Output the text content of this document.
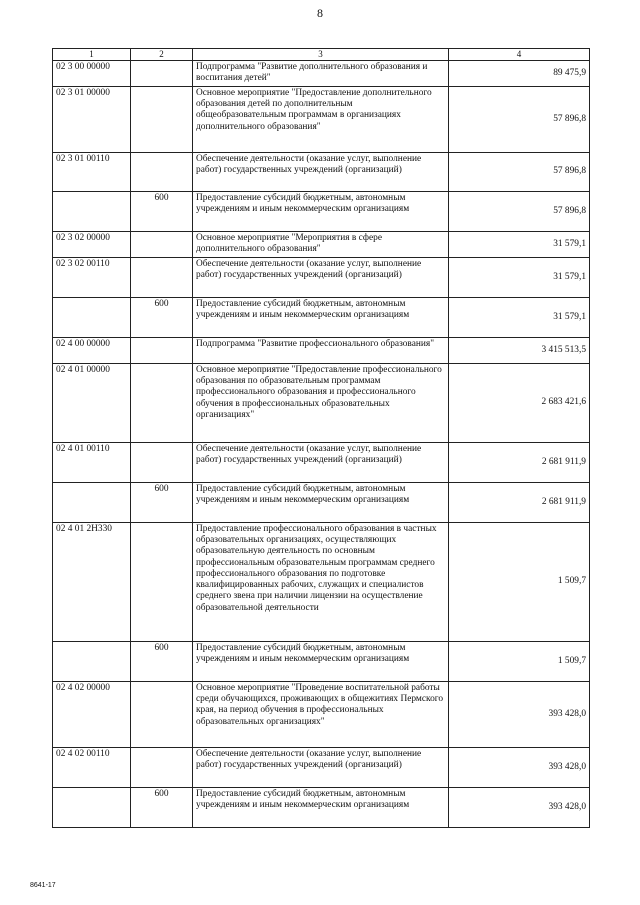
8
1	2	3	4
02 3 00 00000		Подпрограмма "Развитие дополнительного образования и воспитания детей"	89 475,9
02 3 01 00000		Основное мероприятие "Предоставление дополнительного образования детей по дополнительным общеобразовательным программам в организациях дополнительного образования"	57 896,8
02 3 01 00110		Обеспечение деятельности (оказание услуг, выполнение работ) государственных учреждений (организаций)	57 896,8
	600	Предоставление субсидий бюджетным, автономным учреждениям и иным некоммерческим организациям	57 896,8
02 3 02 00000		Основное мероприятие "Мероприятия в сфере дополнительного образования"	31 579,1
02 3 02 00110		Обеспечение деятельности (оказание услуг, выполнение работ) государственных учреждений (организаций)	31 579,1
	600	Предоставление субсидий бюджетным, автономным учреждениям и иным некоммерческим организациям	31 579,1
02 4 00 00000		Подпрограмма "Развитие профессионального образования"	3 415 513,5
02 4 01 00000		Основное мероприятие "Предоставление профессионального образования по образовательным программам профессионального образования и профессионального обучения в профессиональных образовательных организациях"	2 683 421,6
02 4 01 00110		Обеспечение деятельности (оказание услуг, выполнение работ) государственных учреждений (организаций)	2 681 911,9
	600	Предоставление субсидий бюджетным, автономным учреждениям и иным некоммерческим организациям	2 681 911,9
02 4 01 2Н330		Предоставление профессионального образования в частных образовательных организациях, осуществляющих образовательную деятельность по основным профессиональным образовательным программам среднего профессионального образования по подготовке квалифицированных рабочих, служащих и специалистов среднего звена при наличии лицензии на осуществление образовательной деятельности	1 509,7
	600	Предоставление субсидий бюджетным, автономным учреждениям и иным некоммерческим организациям	1 509,7
02 4 02 00000		Основное мероприятие "Проведение воспитательной работы среди обучающихся, проживающих в общежитиях Пермского края, на период обучения в профессиональных образовательных организациях"	393 428,0
02 4 02 00110		Обеспечение деятельности (оказание услуг, выполнение работ) государственных учреждений (организаций)	393 428,0
	600	Предоставление субсидий бюджетным, автономным учреждениям и иным некоммерческим организациям	393 428,0
8641-17
